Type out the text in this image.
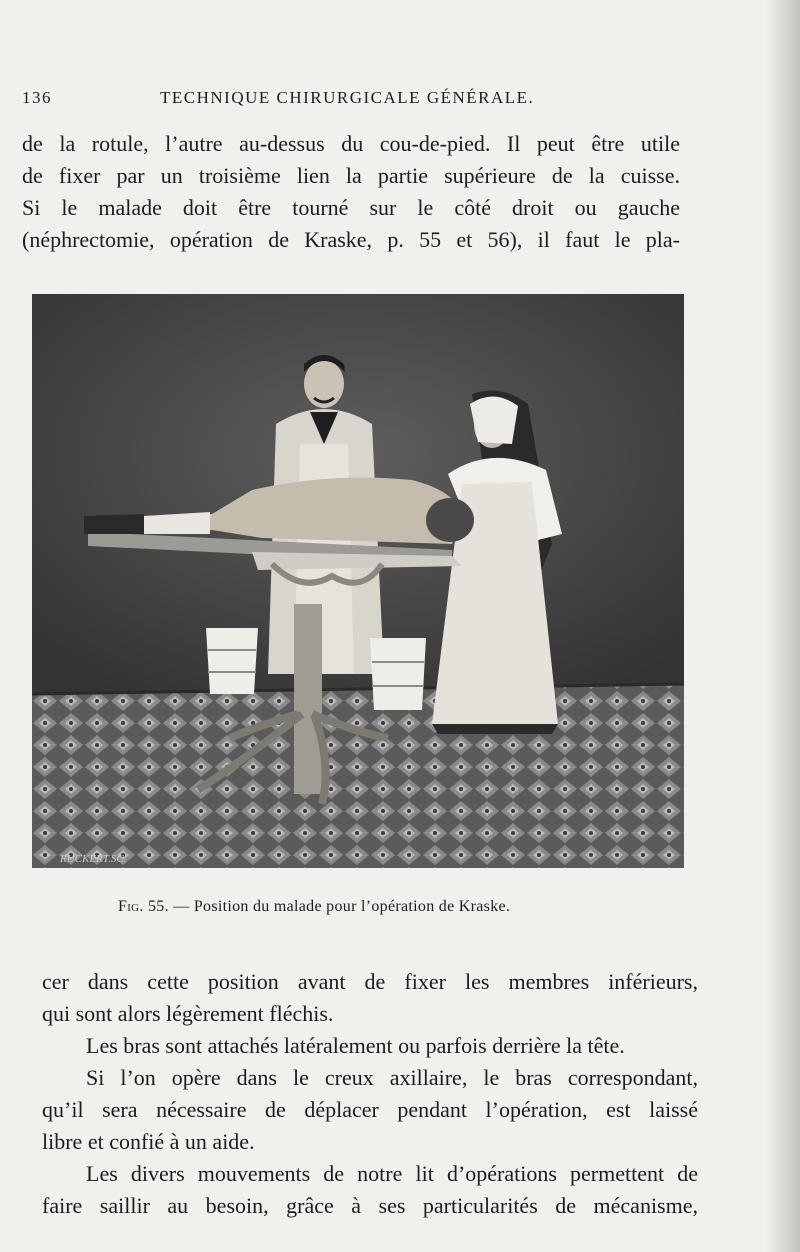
136	TECHNIQUE CHIRURGICALE GÉNÉRALE.

de la rotule, l’autre au-dessus du cou-de-pied. Il peut être utile

de fixer par un troisième lien la partie supérieure de la cuisse.

Si le malade doit être tourné sur le côté droit ou gauche

(néphrectomie, opération de Kraske, p. 55 et 56), il faut le pla-

RUCKERT.SC.
Fig. 55. — Position du malade pour l’opération de Kraske.

cer dans cette position avant de fixer les membres inférieurs,

qui sont alors légèrement fléchis.

Les bras sont attachés latéralement ou parfois derrière la tête.

Si l’on opère dans le creux axillaire, le bras correspondant,

qu’il sera nécessaire de déplacer pendant l’opération, est laissé

libre et confié à un aide.

Les divers mouvements de notre lit d’opérations permettent de

faire saillir au besoin, grâce à ses particularités de mécanisme,
